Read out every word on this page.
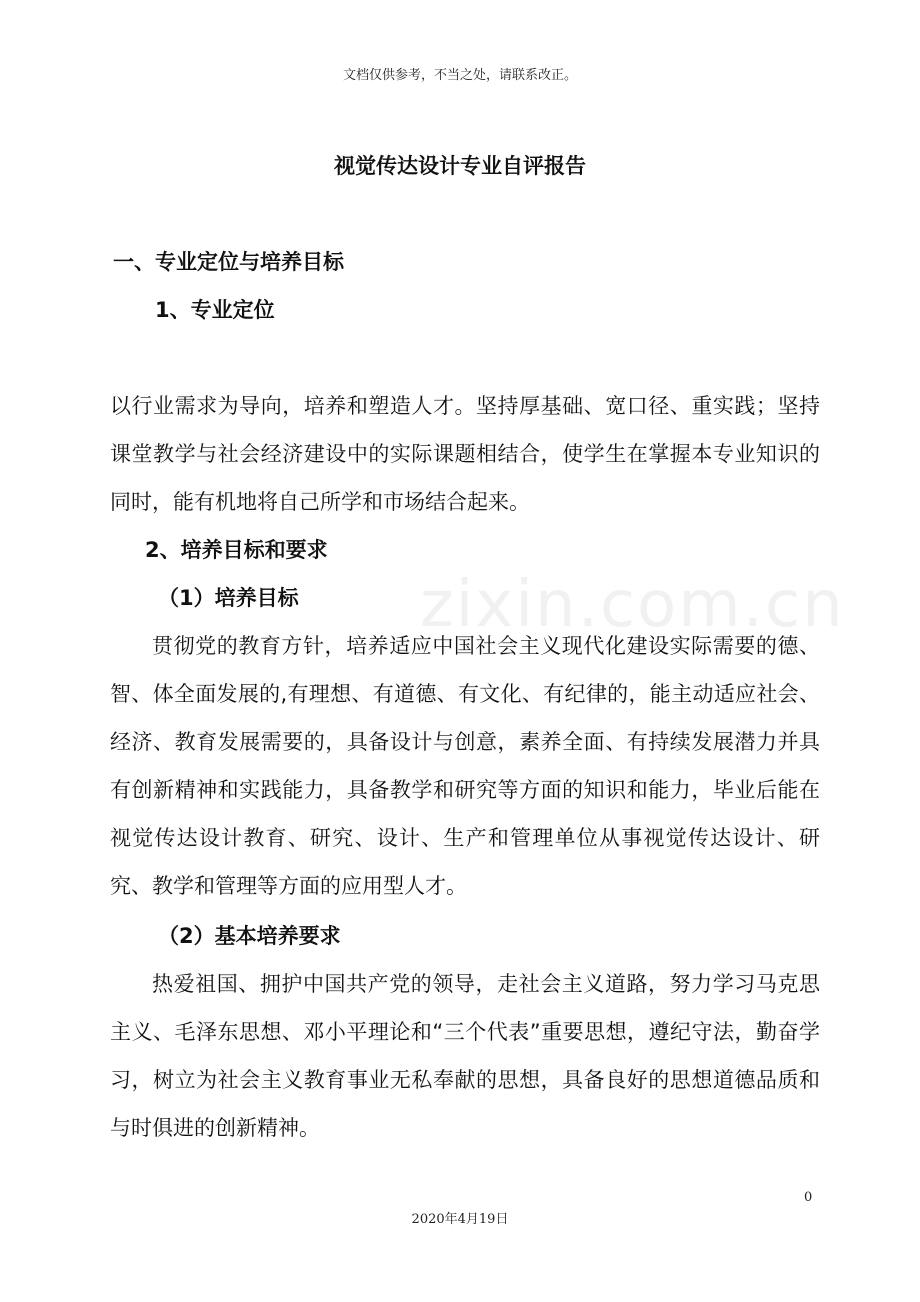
zixin.com.cn
文档仅供参考，不当之处，请联系改正。
视觉传达设计专业自评报告
一、专业定位与培养目标
1、专业定位

以行业需求为导向，培养和塑造人才。坚持厚基础、宽口径、重实践；坚持课堂教学与社会经济建设中的实际课题相结合，使学生在掌握本专业知识的同时，能有机地将自己所学和市场结合起来。

2、培养目标和要求
（1）培养目标

贯彻党的教育方针，培养适应中国社会主义现代化建设实际需要的德、智、体全面发展的,有理想、有道德、有文化、有纪律的，能主动适应社会、经济、教育发展需要的，具备设计与创意，素养全面、有持续发展潜力并具有创新精神和实践能力，具备教学和研究等方面的知识和能力，毕业后能在视觉传达设计教育、研究、设计、生产和管理单位从事视觉传达设计、研究、教学和管理等方面的应用型人才。

（2）基本培养要求

热爱祖国、拥护中国共产党的领导，走社会主义道路，努力学习马克思主义、毛泽东思想、邓小平理论和“三个代表”重要思想，遵纪守法，勤奋学习，树立为社会主义教育事业无私奉献的思想，具备良好的思想道德品质和与时俱进的创新精神。

0
2020年4月19日
